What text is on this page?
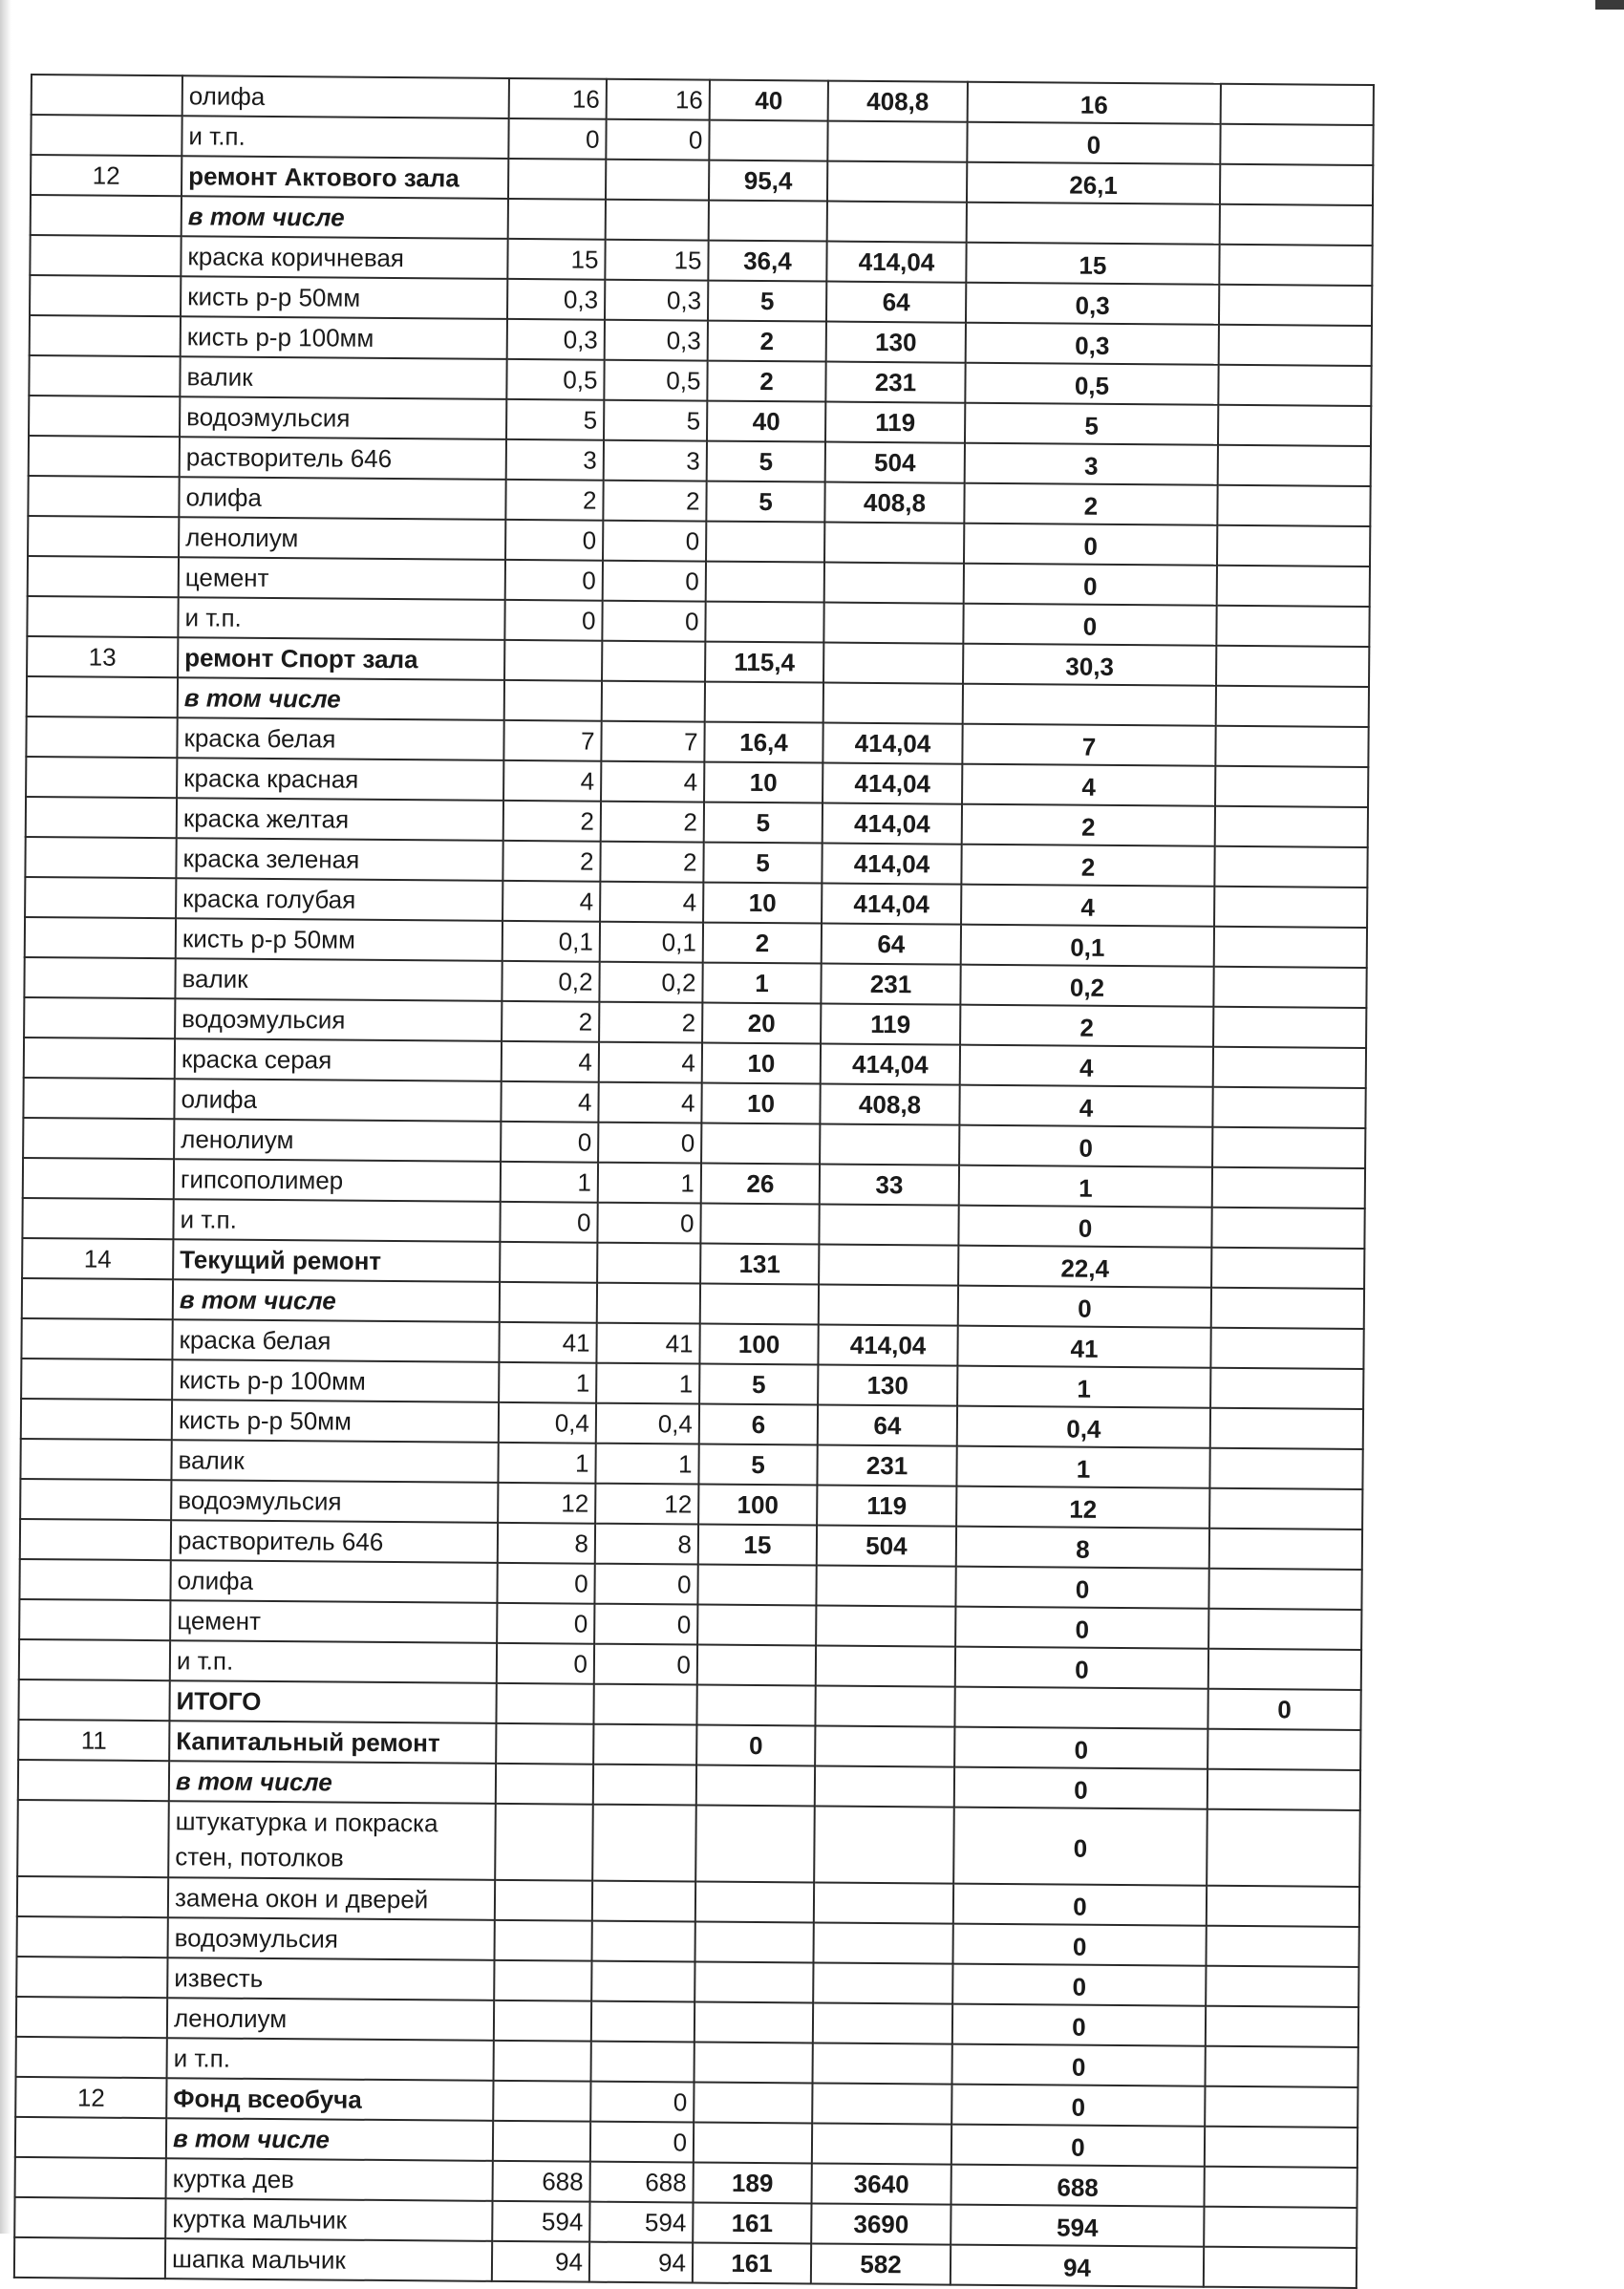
	олифа	16	16	40	408,8	16	
	и т.п.	0	0			0	
12	ремонт Актового зала			95,4		26,1	
	в том числе						
	краска коричневая	15	15	36,4	414,04	15	
	кисть р-р 50мм	0,3	0,3	5	64	0,3	
	кисть р-р 100мм	0,3	0,3	2	130	0,3	
	валик	0,5	0,5	2	231	0,5	
	водоэмульсия	5	5	40	119	5	
	растворитель 646	3	3	5	504	3	
	олифа	2	2	5	408,8	2	
	ленолиум	0	0			0	
	цемент	0	0			0	
	и т.п.	0	0			0	
13	ремонт Спорт зала			115,4		30,3	
	в том числе						
	краска белая	7	7	16,4	414,04	7	
	краска красная	4	4	10	414,04	4	
	краска желтая	2	2	5	414,04	2	
	краска зеленая	2	2	5	414,04	2	
	краска голубая	4	4	10	414,04	4	
	кисть р-р 50мм	0,1	0,1	2	64	0,1	
	валик	0,2	0,2	1	231	0,2	
	водоэмульсия	2	2	20	119	2	
	краска серая	4	4	10	414,04	4	
	олифа	4	4	10	408,8	4	
	ленолиум	0	0			0	
	гипсополимер	1	1	26	33	1	
	и т.п.	0	0			0	
14	Текущий ремонт			131		22,4	
	в том числе					0	
	краска белая	41	41	100	414,04	41	
	кисть р-р 100мм	1	1	5	130	1	
	кисть р-р 50мм	0,4	0,4	6	64	0,4	
	валик	1	1	5	231	1	
	водоэмульсия	12	12	100	119	12	
	растворитель 646	8	8	15	504	8	
	олифа	0	0			0	
	цемент	0	0			0	
	и т.п.	0	0			0	
	ИТОГО						0
11	Капитальный ремонт			0		0	
	в том числе					0	
	штукатурка и покраска стен, потолков					0	
	замена окон и дверей					0	
	водоэмульсия					0	
	известь					0	
	ленолиум					0	
	и т.п.					0	
12	Фонд всеобуча		0			0	
	в том числе		0			0	
	куртка дев	688	688	189	3640	688	
	куртка мальчик	594	594	161	3690	594	
	шапка мальчик	94	94	161	582	94	
